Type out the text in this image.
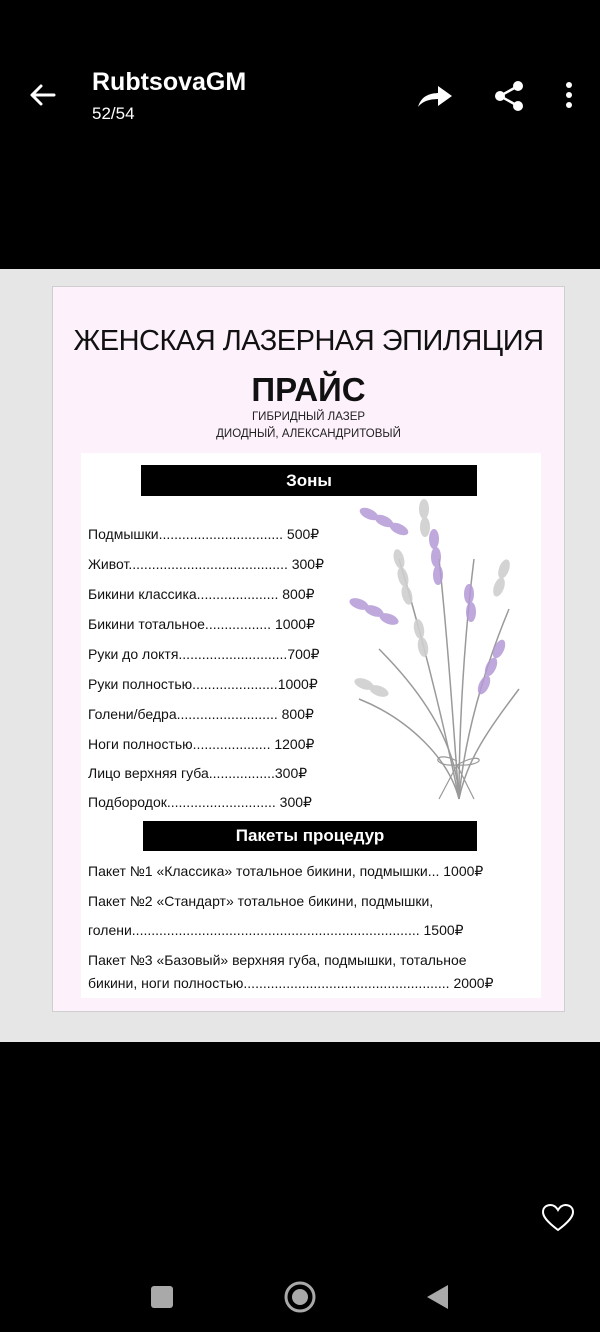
RubtsovaGM
52/54
ЖЕНСКАЯ ЛАЗЕРНАЯ ЭПИЛЯЦИЯ
ПРАЙС
ГИБРИДНЫЙ ЛАЗЕР
ДИОДНЫЙ, АЛЕКСАНДРИТОВЫЙ
Зоны
Подмышки................................ 500₽
Живот......................................... 300₽
Бикини классика..................... 800₽
Бикини тотальное................. 1000₽
Руки до локтя............................700₽
Руки полностью......................1000₽
Голени/бедра.......................... 800₽
Ноги полностью.................... 1200₽
Лицо верхняя губа.................300₽
Подбородок............................ 300₽
Пакеты процедур
Пакет №1 «Классика» тотальное бикини, подмышки... 1000₽
Пакет №2 «Стандарт» тотальное бикини, подмышки,
голени.......................................................................... 1500₽
Пакет №3 «Базовый» верхняя губа, подмышки, тотальное
бикини, ноги полностью..................................................... 2000₽
